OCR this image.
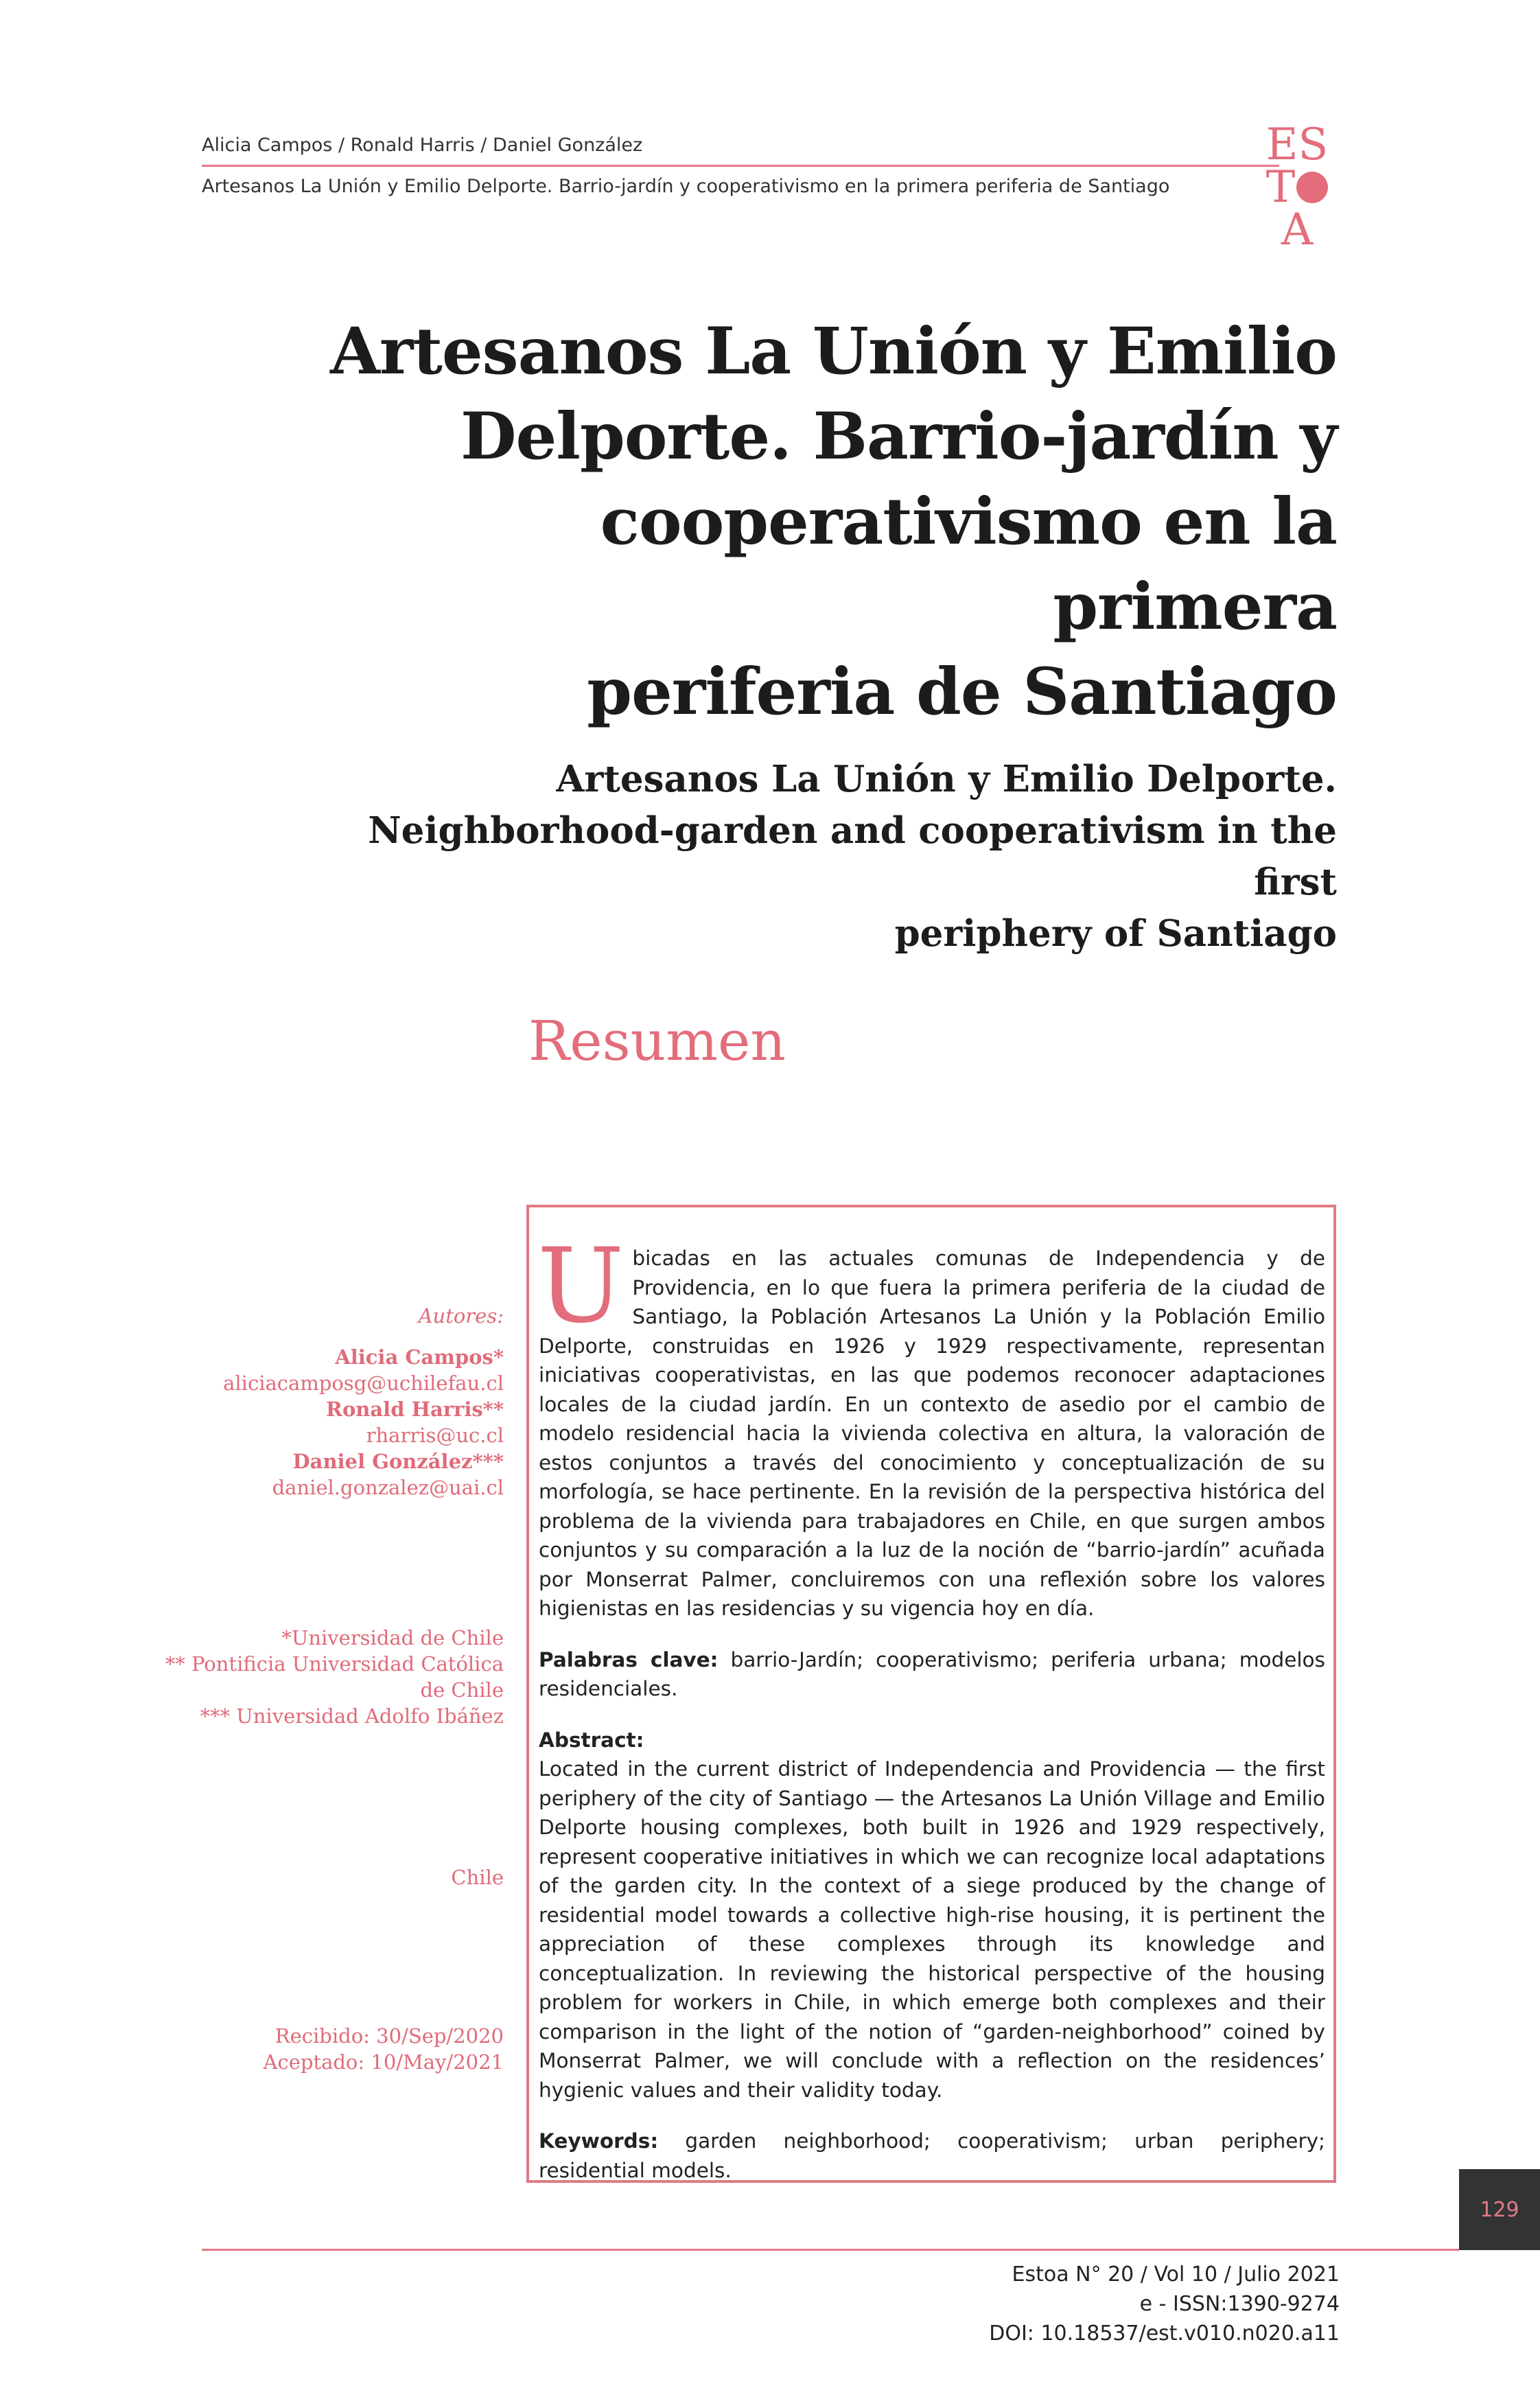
Alicia Campos / Ronald Harris / Daniel González
Artesanos La Unión y Emilio Delporte. Barrio-jardín y cooperativismo en la primera periferia de Santiago
ES
T
A
Artesanos La Unión y Emilio
Delporte. Barrio-jardín y
cooperativismo en la primera
periferia de Santiago
Artesanos La Unión y Emilio Delporte.
Neighborhood-garden and cooperativism in the first
periphery of Santiago
Resumen
Autores:
Alicia Campos*
aliciacamposg@uchilefau.cl
Ronald Harris**
rharris@uc.cl
Daniel González***
daniel.gonzalez@uai.cl
*Universidad de Chile
** Pontificia Universidad Católica
de Chile
*** Universidad Adolfo Ibáñez
Chile
Recibido: 30/Sep/2020
Aceptado: 10/May/2021

Ubicadas en las actuales comunas de Independencia y de Providencia, en lo que fuera la primera periferia de la ciudad de Santiago, la Población Artesanos La Unión y la Población Emilio Delporte, construidas en 1926 y 1929 respectivamente, representan iniciativas cooperativistas, en las que podemos reconocer adaptaciones locales de la ciudad jardín. En un contexto de asedio por el cambio de modelo residencial hacia la vivienda colectiva en altura, la valoración de estos conjuntos a través del conocimiento y conceptualización de su morfología, se hace pertinente. En la revisión de la perspectiva histórica del problema de la vivienda para trabajadores en Chile, en que surgen ambos conjuntos y su comparación a la luz de la noción de “barrio-jardín” acuñada por Monserrat Palmer, concluiremos con una reflexión sobre los valores higienistas en las residencias y su vigencia hoy en día.

Palabras clave: barrio-Jardín; cooperativismo; periferia urbana; modelos residenciales.

Abstract:
Located in the current district of Independencia and Providencia — the first periphery of the city of Santiago — the Artesanos La Unión Village and Emilio Delporte housing complexes, both built in 1926 and 1929 respectively, represent cooperative initiatives in which we can recognize local adaptations of the garden city. In the context of a siege produced by the change of residential model towards a collective high-rise housing, it is pertinent the appreciation of these complexes through its knowledge and conceptualization. In reviewing the historical perspective of the housing problem for workers in Chile, in which emerge both complexes and their comparison in the light of the notion of “garden-neighborhood” coined by Monserrat Palmer, we will conclude with a reflection on the residences’ hygienic values and their validity today.

Keywords: garden neighborhood; cooperativism; urban periphery; residential models.

129
Estoa N° 20 / Vol 10 / Julio 2021
e - ISSN:1390-9274
DOI: 10.18537/est.v010.n020.a11
